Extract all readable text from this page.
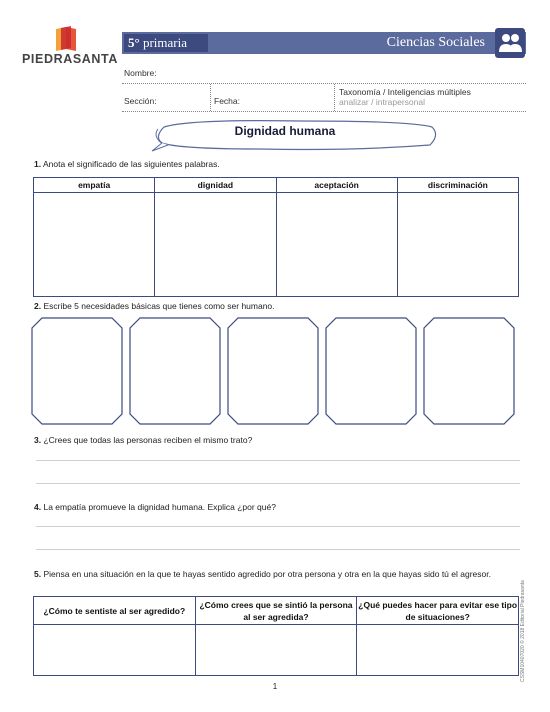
PIEDRASANTA
5° primaria	Ciencias Sociales
Nombre:
Sección:	Fecha:
Taxonomía / Inteligencias múltiples
analizar / intrapersonal
Dignidad humana
1. Anota el significado de las siguientes palabras.
empatía	dignidad	aceptación	discriminación

2. Escribe 5 necesidades básicas que tienes como ser humano.
3. ¿Crees que todas las personas reciben el mismo trato?
4. La empatía promueve la dignidad humana. Explica ¿por qué?
5. Piensa en una situación en la que te hayas sentido agredido por otra persona y otra en la que hayas sido tú el agresor.
¿Cómo te sentiste al ser agredido?	¿Cómo crees que se sintió la persona al ser agredida?	¿Qué puedes hacer para evitar ese tipo de situaciones?

1
CSSM10407020 © 2018 Editorial Piedrasanta
